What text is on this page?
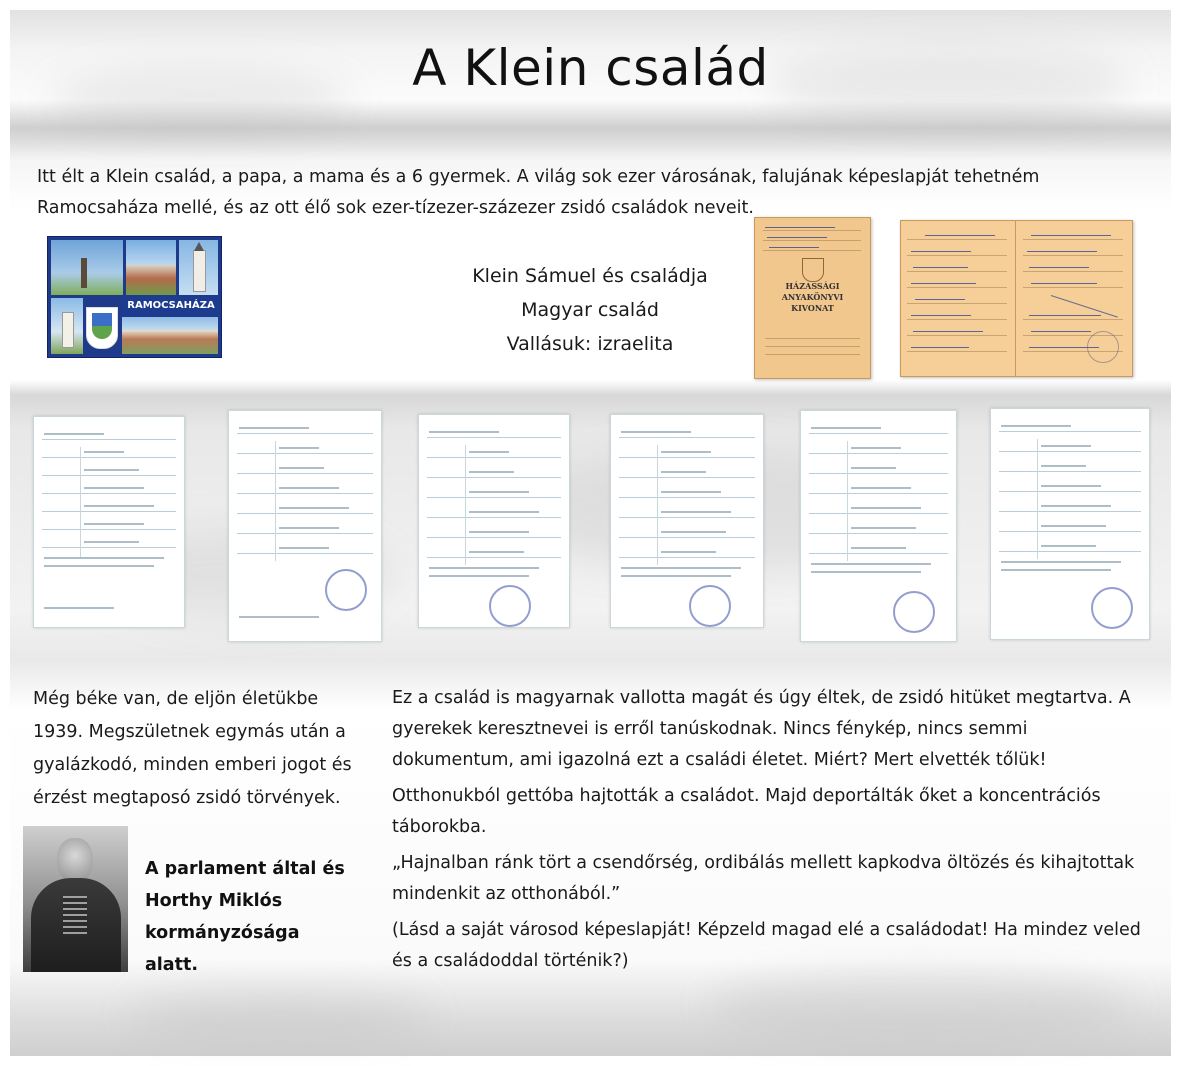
A Klein család

Itt élt a Klein család, a papa, a mama és a 6 gyermek. A világ sok ezer városának, falujának képeslapját tehetném Ramocsaháza mellé, és az ott élő sok ezer-tízezer-százezer zsidó családok neveit.

RAMOCSAHÁZA
Klein Sámuel és családja
Magyar család
Vallásuk: izraelita
HÁZASSÁGI
ANYAKÖNYVI
KIVONAT

Még béke van, de eljön életükbe 1939. Megszületnek egymás után a gyalázkodó, minden emberi jogot és érzést megtaposó zsidó törvények.

A parlament által és Horthy Miklós kormányzósága alatt.

Ez a család is magyarnak vallotta magát és úgy éltek, de zsidó hitüket megtartva. A gyerekek keresztnevei is erről tanúskodnak. Nincs fénykép, nincs semmi dokumentum, ami igazolná ezt a családi életet. Miért? Mert elvették tőlük!

Otthonukból gettóba hajtották a családot. Majd deportálták őket a koncentrációs táborokba.

„Hajnalban ránk tört a csendőrség, ordibálás mellett kapkodva öltözés és kihajtottak mindenkit az otthonából.”

(Lásd a saját városod képeslapját! Képzeld magad elé a családodat! Ha mindez veled és a családoddal történik?)
